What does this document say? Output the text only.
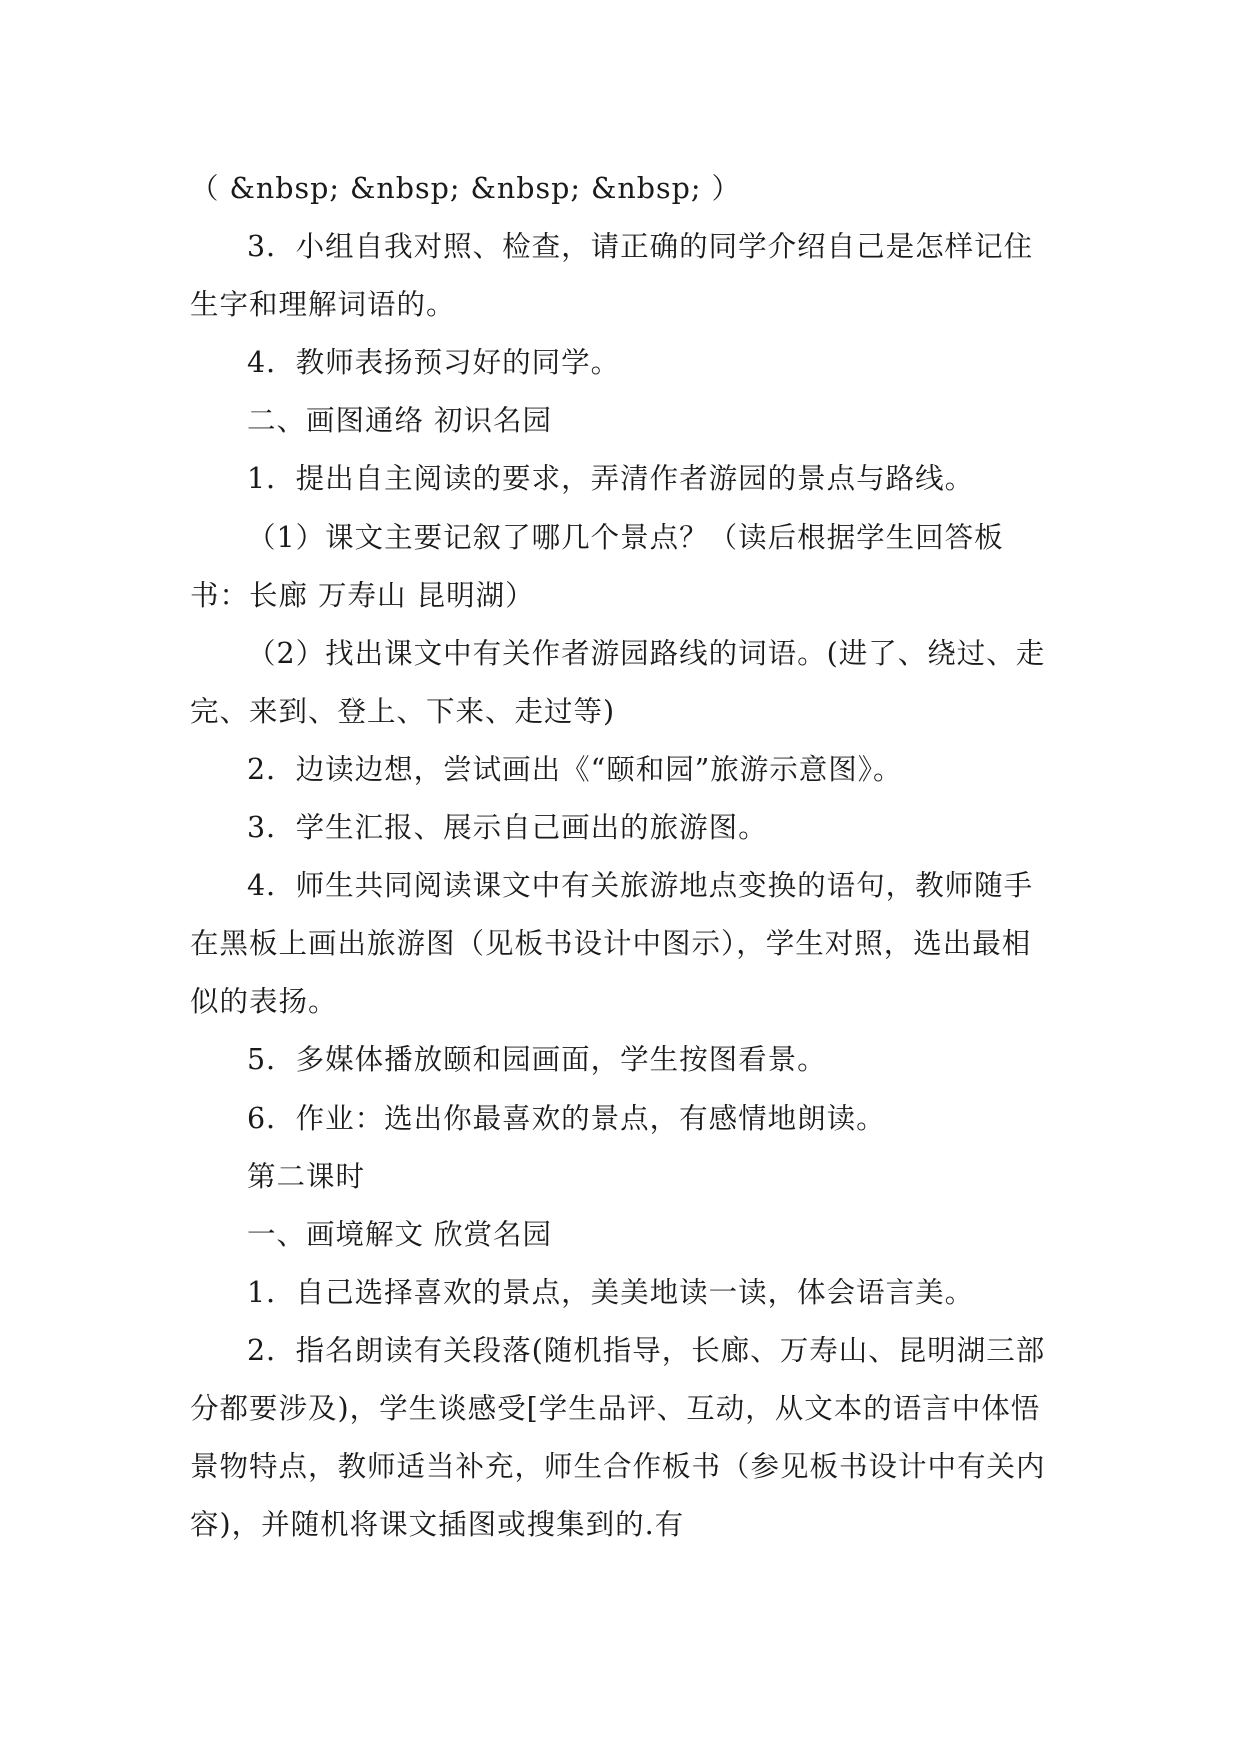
（ &nbsp; &nbsp; &nbsp; &nbsp; ）

3．小组自我对照、检查，请正确的同学介绍自己是怎样记住生字和理解词语的。

4．教师表扬预习好的同学。

二、画图通络 初识名园

1．提出自主阅读的要求，弄清作者游园的景点与路线。

（1）课文主要记叙了哪几个景点？（读后根据学生回答板书：长廊 万寿山 昆明湖）

（2）找出课文中有关作者游园路线的词语。(进了、绕过、走完、来到、登上、下来、走过等)

2．边读边想，尝试画出《“颐和园”旅游示意图》。

3．学生汇报、展示自己画出的旅游图。

4．师生共同阅读课文中有关旅游地点变换的语句，教师随手在黑板上画出旅游图（见板书设计中图示），学生对照，选出最相似的表扬。

5．多媒体播放颐和园画面，学生按图看景。

6．作业：选出你最喜欢的景点，有感情地朗读。

第二课时

一、画境解文 欣赏名园

1．自己选择喜欢的景点，美美地读一读，体会语言美。

2．指名朗读有关段落(随机指导，长廊、万寿山、昆明湖三部分都要涉及)，学生谈感受[学生品评、互动，从文本的语言中体悟景物特点，教师适当补充，师生合作板书（参见板书设计中有关内容)，并随机将课文插图或搜集到的.有
